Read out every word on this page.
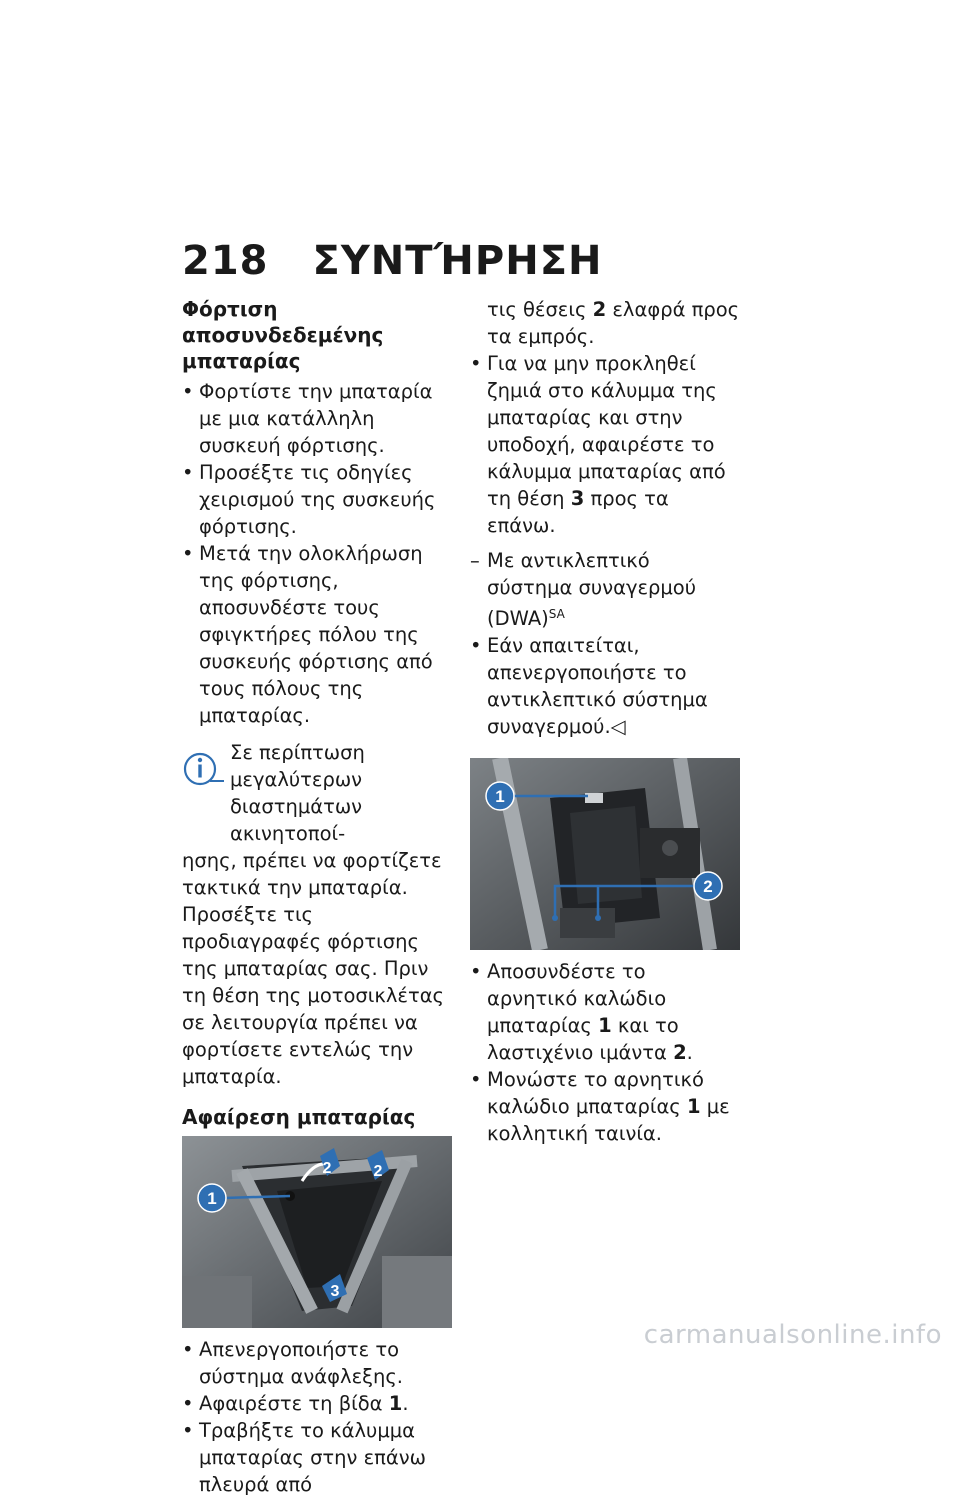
218 ΣΥΝΤΉΡΗΣΗ
Φόρτιση αποσυνδεδεμένης μπαταρίας
• Φορτίστε την μπαταρία με μια κατάλληλη συσκευή φόρτισης.
• Προσέξτε τις οδηγίες χειρισμού της συσκευής φόρτισης.
• Μετά την ολοκλήρωση της φόρτισης, αποσυνδέστε τους σφιγκτήρες πόλου της συσκευής φόρτισης από τους πόλους της μπαταρίας.
Σε περίπτωση μεγαλύτερων
διαστημάτων ακινητοποί-
ησης, πρέπει να φορτίζετε τακτικά την μπαταρία. Προσέξτε τις προδιαγραφές φόρτισης της μπαταρίας σας. Πριν τη θέση της μοτοσικλέτας σε λειτουργία πρέπει να φορτίσετε εντελώς την μπαταρία.
Αφαίρεση μπαταρίας
1
2	2
3
• Απενεργοποιήστε το σύστημα ανάφλεξης.
• Αφαιρέστε τη βίδα 1.
• Τραβήξτε το κάλυμμα μπαταρίας στην επάνω πλευρά από
τις θέσεις 2 ελαφρά προς τα εμπρός.
• Για να μην προκληθεί ζημιά στο κάλυμμα της μπαταρίας και στην υποδοχή, αφαιρέστε το κάλυμμα μπαταρίας από τη θέση 3 προς τα επάνω.
– Με αντικλεπτικό σύστημα συναγερμού (DWA)$^{SA}$
• Εάν απαιτείται, απενεργοποιήστε το αντικλεπτικό σύστημα συναγερμού.◁
1
2
• Αποσυνδέστε το αρνητικό καλώδιο μπαταρίας 1 και το λαστιχένιο ιμάντα 2.
• Μονώστε το αρνητικό καλώδιο μπαταρίας 1 με κολλητική ταινία.
carmanualsonline.info
